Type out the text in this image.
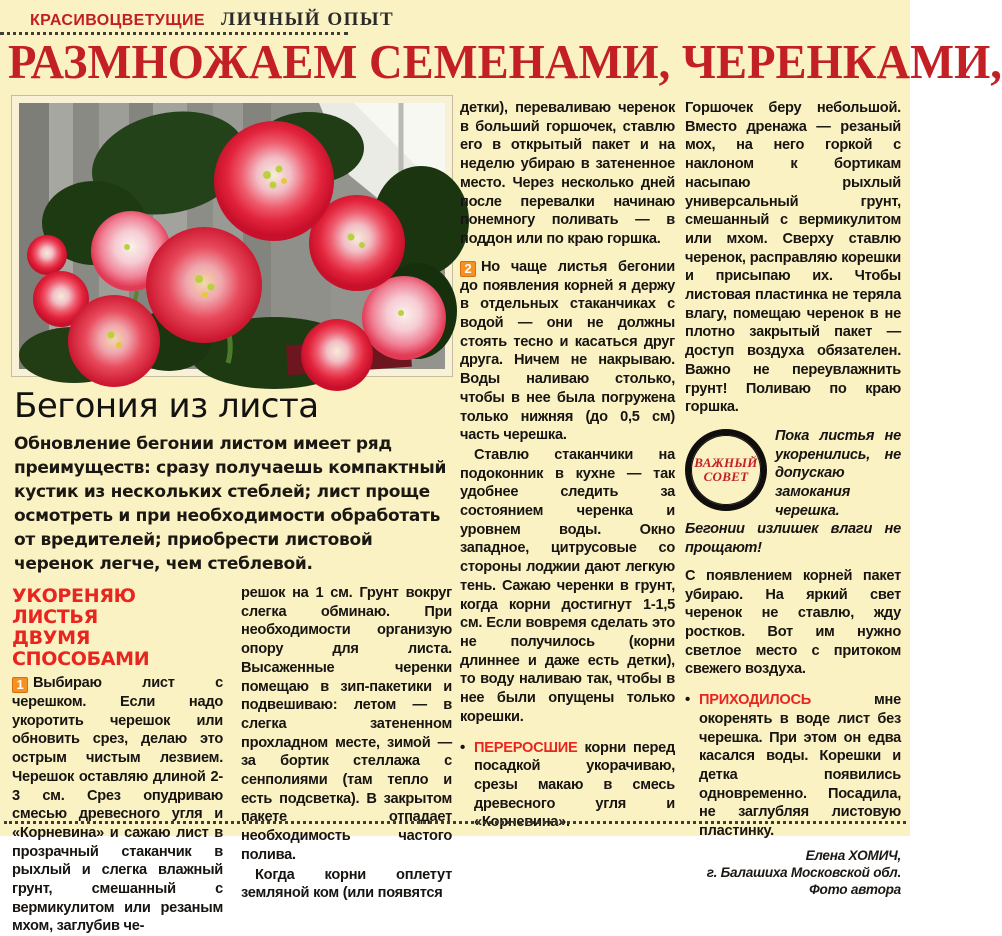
КРАСИВОЦВЕТУЩИЕ ЛИЧНЫЙ ОПЫТ
РАЗМНОЖАЕМ СЕМЕНАМИ, ЧЕРЕНКАМИ,
Бегония из листа
Обновление бегонии листом имеет ряд преимуществ: сразу получаешь компактный кустик из нескольких стеблей; лист проще осмотреть и при необходимости обработать от вредителей; приобрести листовой черенок легче, чем стеблевой.
УКОРЕНЯЮ ЛИСТЬЯ
ДВУМЯ СПОСОБАМИ

1 Выбираю лист с черешком. Если надо укоротить черешок или обновить срез, делаю это острым чистым лезвием. Черешок оставляю длиной 2-3 см. Срез опудриваю смесью древесного угля и «Корневина» и сажаю лист в прозрачный стаканчик в рыхлый и слегка влажный грунт, смешанный с вермикулитом или резаным мхом, заглубив че-

решок на 1 см. Грунт вокруг слегка обминаю. При необходимости организую опору для листа. Высаженные черенки помещаю в зип-пакетики и подвешиваю: летом — в слегка затененном прохладном месте, зимой — за бортик стеллажа с сенполиями (там тепло и есть подсветка). В закрытом пакете отпадает необходимость частого полива.

Когда корни оплетут земляной ком (или появятся

детки), переваливаю черенок в больший горшочек, ставлю его в открытый пакет и на неделю убираю в затененное место. Через несколько дней после перевалки начинаю понемногу поливать — в поддон или по краю горшка.

2 Но чаще листья бегонии до появления корней я держу в отдельных стаканчиках с водой — они не должны стоять тесно и касаться друг друга. Ничем не накрываю. Воды наливаю столько, чтобы в нее была погружена только нижняя (до 0,5 см) часть черешка.

Ставлю стаканчики на подоконник в кухне — так удобнее следить за состоянием черенка и уровнем воды. Окно западное, цитрусовые со стороны лоджии дают легкую тень. Сажаю черенки в грунт, когда корни достигнут 1-1,5 см. Если вовремя сделать это не получилось (корни длиннее и даже есть детки), то воду наливаю так, чтобы в нее были опущены только корешки.

• ПЕРЕРОСШИЕ корни перед посадкой укорачиваю, срезы макаю в смесь древесного угля и «Корневина».

Горшочек беру небольшой. Вместо дренажа — резаный мох, на него горкой с наклоном к бортикам насыпаю рыхлый универсальный грунт, смешанный с вермикулитом или мхом. Сверху ставлю черенок, расправляю корешки и присыпаю их. Чтобы листовая пластинка не теряла влагу, помещаю черенок в не плотно закрытый пакет — доступ воздуха обязателен. Важно не переувлажнить грунт! Поливаю по краю горшка.

ВАЖНЫЙ
СОВЕТ
Пока листья не укоренились, не допускаю замокания черешка. Бегонии излишек влаги не прощают!

С появлением корней пакет убираю. На яркий свет черенок не ставлю, жду ростков. Вот им нужно светлое место с притоком свежего воздуха.

• ПРИХОДИЛОСЬ мне окоренять в воде лист без черешка. При этом он едва касался воды. Корешки и детка появились одновременно. Посадила, не заглубляя листовую пластинку.
Елена ХОМИЧ,
г. Балашиха Московской обл.
Фото автора
